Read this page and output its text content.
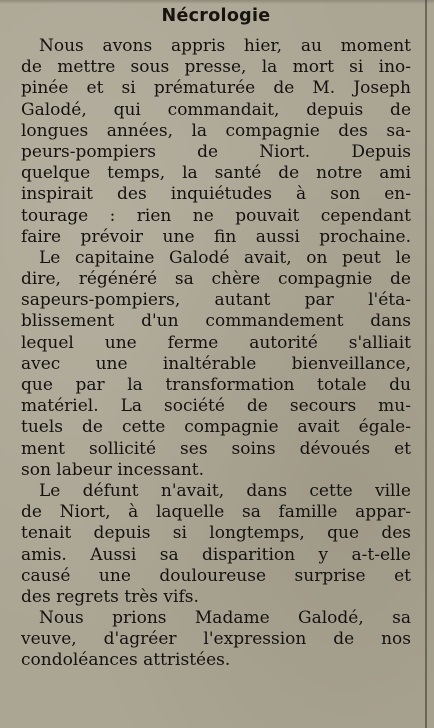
Nécrologie
Nous avons appris hier, au moment
de mettre sous presse, la mort si ino-
pinée et si prématurée de M. Joseph
Galodé, qui commandait, depuis de
longues années, la compagnie des sa-
peurs-pompiers de Niort. Depuis
quelque temps, la santé de notre ami
inspirait des inquiétudes à son en-
tourage : rien ne pouvait cependant
faire prévoir une fin aussi prochaine.
Le capitaine Galodé avait, on peut le
dire, régénéré sa chère compagnie de
sapeurs-pompiers, autant par l'éta-
blissement d'un commandement dans
lequel une ferme autorité s'alliait
avec une inaltérable bienveillance,
que par la transformation totale du
matériel. La société de secours mu-
tuels de cette compagnie avait égale-
ment sollicité ses soins dévoués et
son labeur incessant.
Le défunt n'avait, dans cette ville
de Niort, à laquelle sa famille appar-
tenait depuis si longtemps, que des
amis. Aussi sa disparition y a-t-elle
causé une douloureuse surprise et
des regrets très vifs.
Nous prions Madame Galodé, sa
veuve, d'agréer l'expression de nos
condoléances attristées.
